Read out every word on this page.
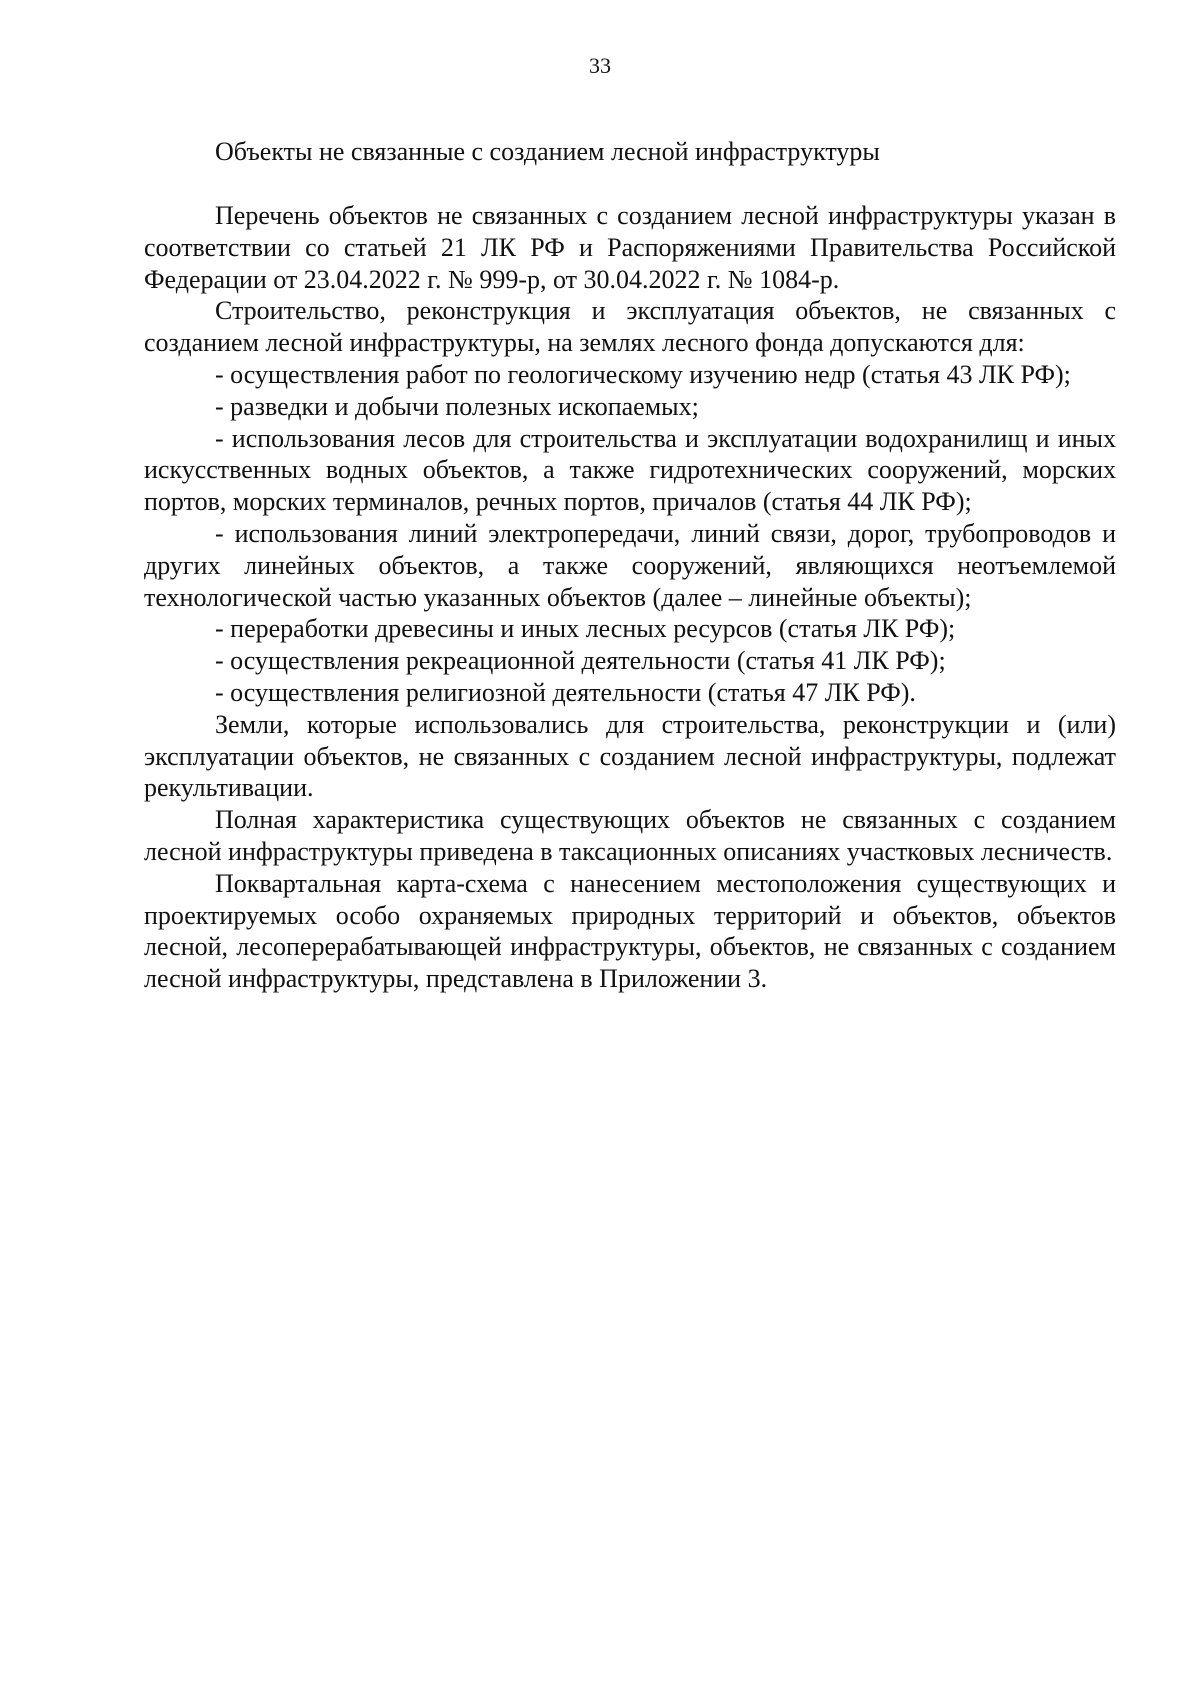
33
Объекты не связанные с созданием лесной инфраструктуры

Перечень объектов не связанных с созданием лесной инфраструктуры указан в соответствии со статьей 21 ЛК РФ и Распоряжениями Правительства Российской Федерации от 23.04.2022 г. № 999-р, от 30.04.2022 г. № 1084-р.

Строительство, реконструкция и эксплуатация объектов, не связанных с созданием лесной инфраструктуры, на землях лесного фонда допускаются для:

- осуществления работ по геологическому изучению недр (статья 43 ЛК РФ);

- разведки и добычи полезных ископаемых;

- использования лесов для строительства и эксплуатации водохранилищ и иных искусственных водных объектов, а также гидротехнических сооружений, морских портов, морских терминалов, речных портов, причалов (статья 44 ЛК РФ);

- использования линий электропередачи, линий связи, дорог, трубопроводов и других линейных объектов, а также сооружений, являющихся неотъемлемой технологической частью указанных объектов (далее – линейные объекты);

- переработки древесины и иных лесных ресурсов (статья ЛК РФ);

- осуществления рекреационной деятельности (статья 41 ЛК РФ);

- осуществления религиозной деятельности (статья 47 ЛК РФ).

Земли, которые использовались для строительства, реконструкции и (или) эксплуатации объектов, не связанных с созданием лесной инфраструктуры, подлежат рекультивации.

Полная характеристика существующих объектов не связанных с созданием лесной инфраструктуры приведена в таксационных описаниях участковых лесничеств.

Поквартальная карта-схема с нанесением местоположения существующих и проектируемых особо охраняемых природных территорий и объектов, объектов лесной, лесоперерабатывающей инфраструктуры, объектов, не связанных с созданием лесной инфраструктуры, представлена в Приложении 3.
